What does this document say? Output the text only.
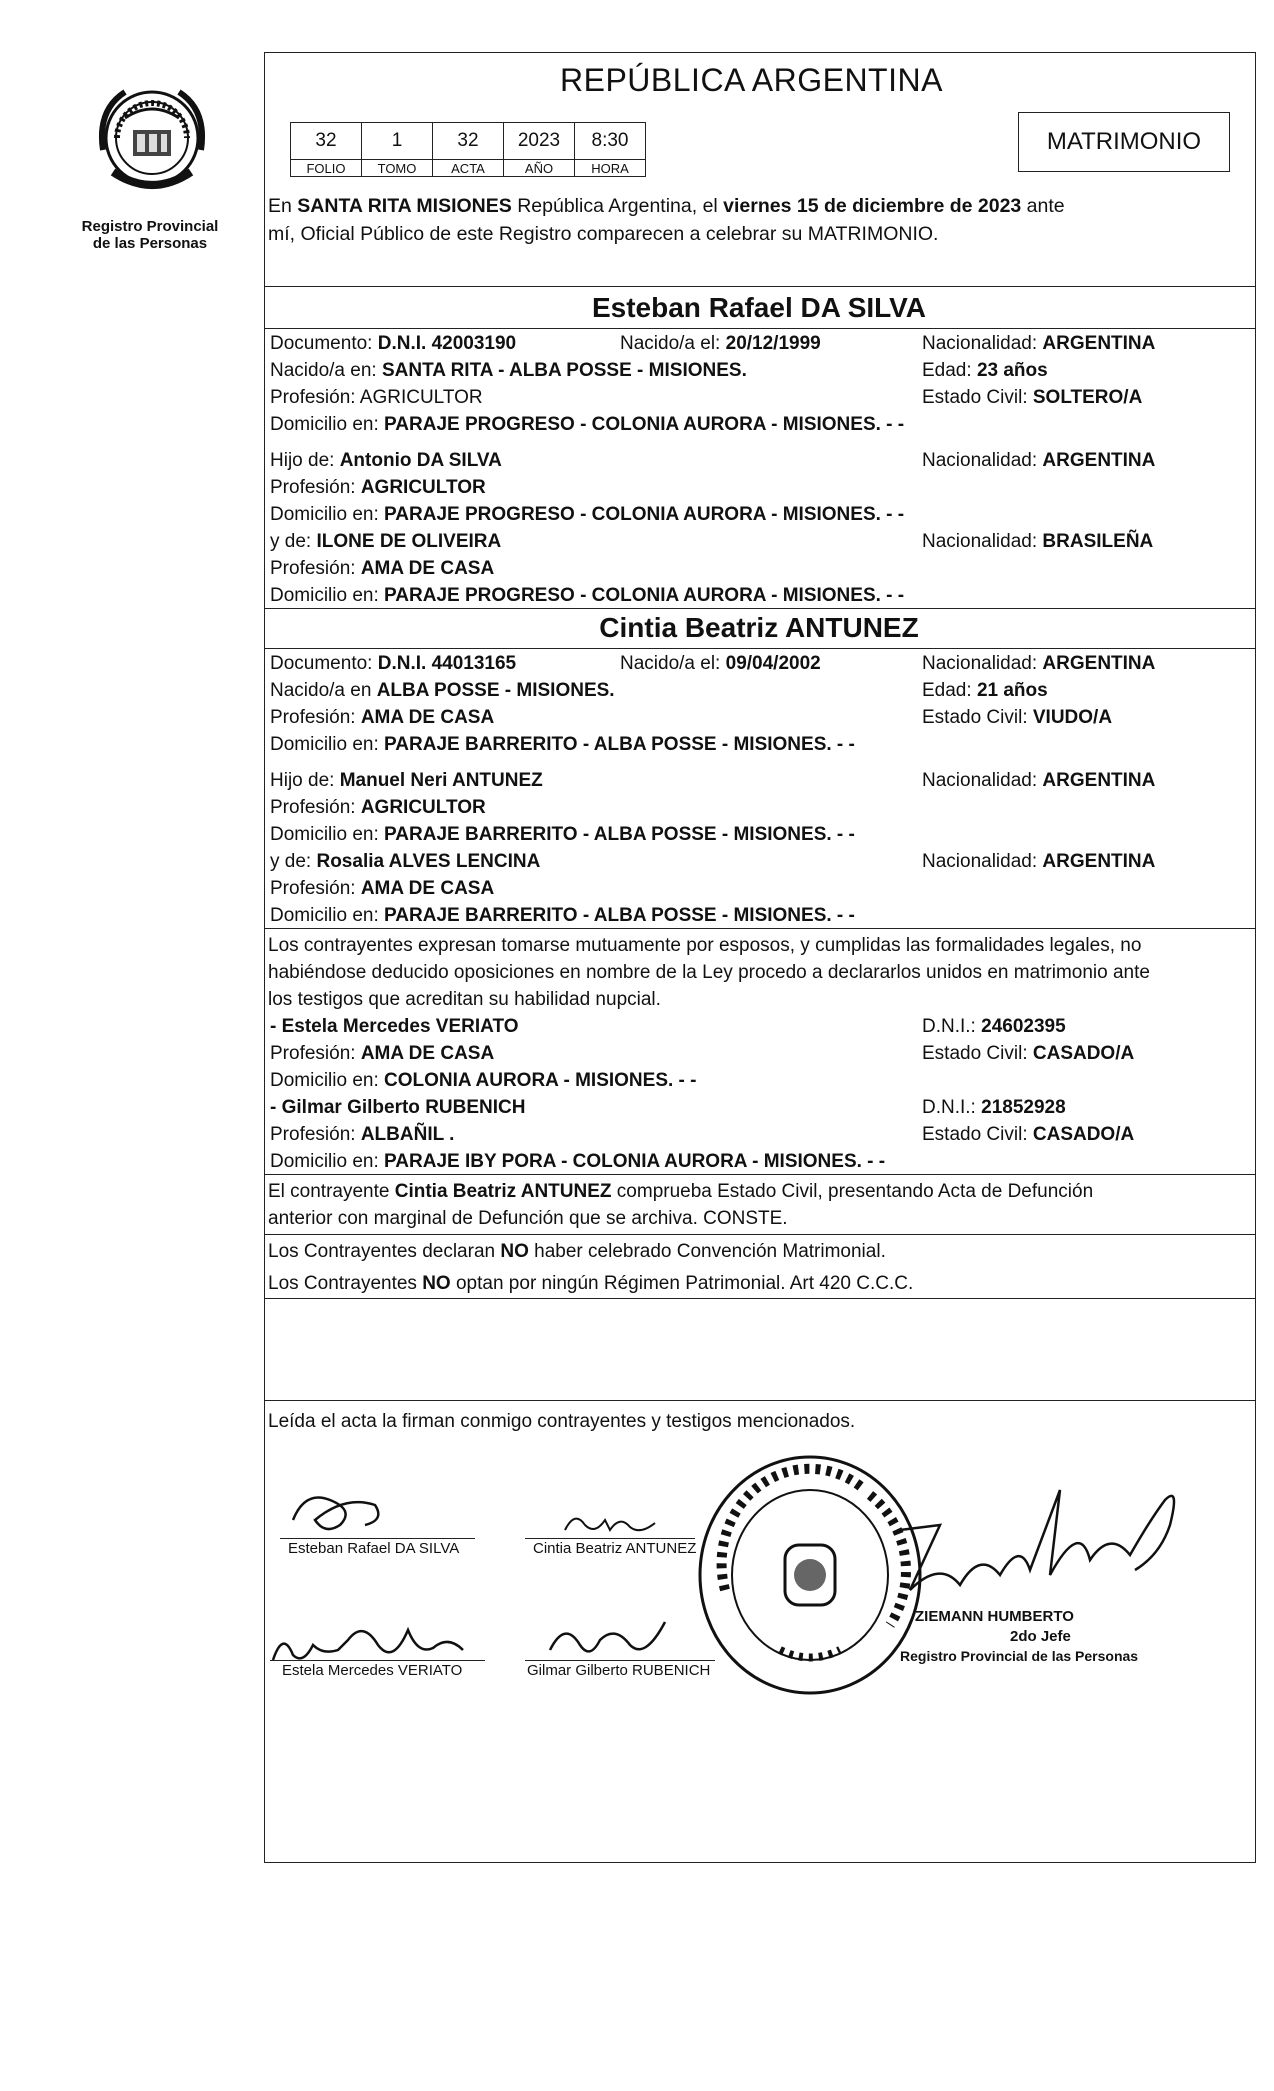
Registro Provincial
de las Personas
REPÚBLICA ARGENTINA
32	1	32	2023	8:30
FOLIO	TOMO	ACTA	AÑO	HORA
MATRIMONIO
En SANTA RITA MISIONES República Argentina, el viernes 15 de diciembre de 2023 ante
mí, Oficial Público de este Registro comparecen a celebrar su MATRIMONIO.
Esteban Rafael DA SILVA
Documento: D.N.I. 42003190	Nacido/a el: 20/12/1999	Nacionalidad: ARGENTINA
Nacido/a en: SANTA RITA - ALBA POSSE - MISIONES.	Edad: 23 años
Profesión: AGRICULTOR	Estado Civil: SOLTERO/A
Domicilio en: PARAJE PROGRESO - COLONIA AURORA - MISIONES. - -
Hijo de: Antonio DA SILVA	Nacionalidad: ARGENTINA
Profesión: AGRICULTOR
Domicilio en: PARAJE PROGRESO - COLONIA AURORA - MISIONES. - -
y de: ILONE DE OLIVEIRA	Nacionalidad: BRASILEÑA
Profesión: AMA DE CASA
Domicilio en: PARAJE PROGRESO - COLONIA AURORA - MISIONES. - -
Cintia Beatriz ANTUNEZ
Documento: D.N.I. 44013165	Nacido/a el: 09/04/2002	Nacionalidad: ARGENTINA
Nacido/a en ALBA POSSE - MISIONES.	Edad: 21 años
Profesión: AMA DE CASA	Estado Civil: VIUDO/A
Domicilio en: PARAJE BARRERITO - ALBA POSSE - MISIONES. - -
Hijo de: Manuel Neri ANTUNEZ	Nacionalidad: ARGENTINA
Profesión: AGRICULTOR
Domicilio en: PARAJE BARRERITO - ALBA POSSE - MISIONES. - -
y de: Rosalia ALVES LENCINA	Nacionalidad: ARGENTINA
Profesión: AMA DE CASA
Domicilio en: PARAJE BARRERITO - ALBA POSSE - MISIONES. - -
Los contrayentes expresan tomarse mutuamente por esposos, y cumplidas las formalidades legales, no
habiéndose deducido oposiciones en nombre de la Ley procedo a declararlos unidos en matrimonio ante
los testigos que acreditan su habilidad nupcial.
- Estela Mercedes VERIATO	D.N.I.: 24602395
Profesión: AMA DE CASA	Estado Civil: CASADO/A
Domicilio en: COLONIA AURORA - MISIONES. - -
- Gilmar Gilberto RUBENICH	D.N.I.: 21852928
Profesión: ALBAÑIL .	Estado Civil: CASADO/A
Domicilio en: PARAJE IBY PORA - COLONIA AURORA - MISIONES. - -
El contrayente Cintia Beatriz ANTUNEZ comprueba Estado Civil, presentando Acta de Defunción
anterior con marginal de Defunción que se archiva. CONSTE.
Los Contrayentes declaran NO haber celebrado Convención Matrimonial.
Los Contrayentes NO optan por ningún Régimen Patrimonial. Art 420 C.C.C.
Leída el acta la firman conmigo contrayentes y testigos mencionados.
Esteban Rafael DA SILVA	Cintia Beatriz ANTUNEZ
Estela Mercedes VERIATO	Gilmar Gilberto RUBENICH
ZIEMANN HUMBERTO
2do Jefe
Registro Provincial de las Personas
